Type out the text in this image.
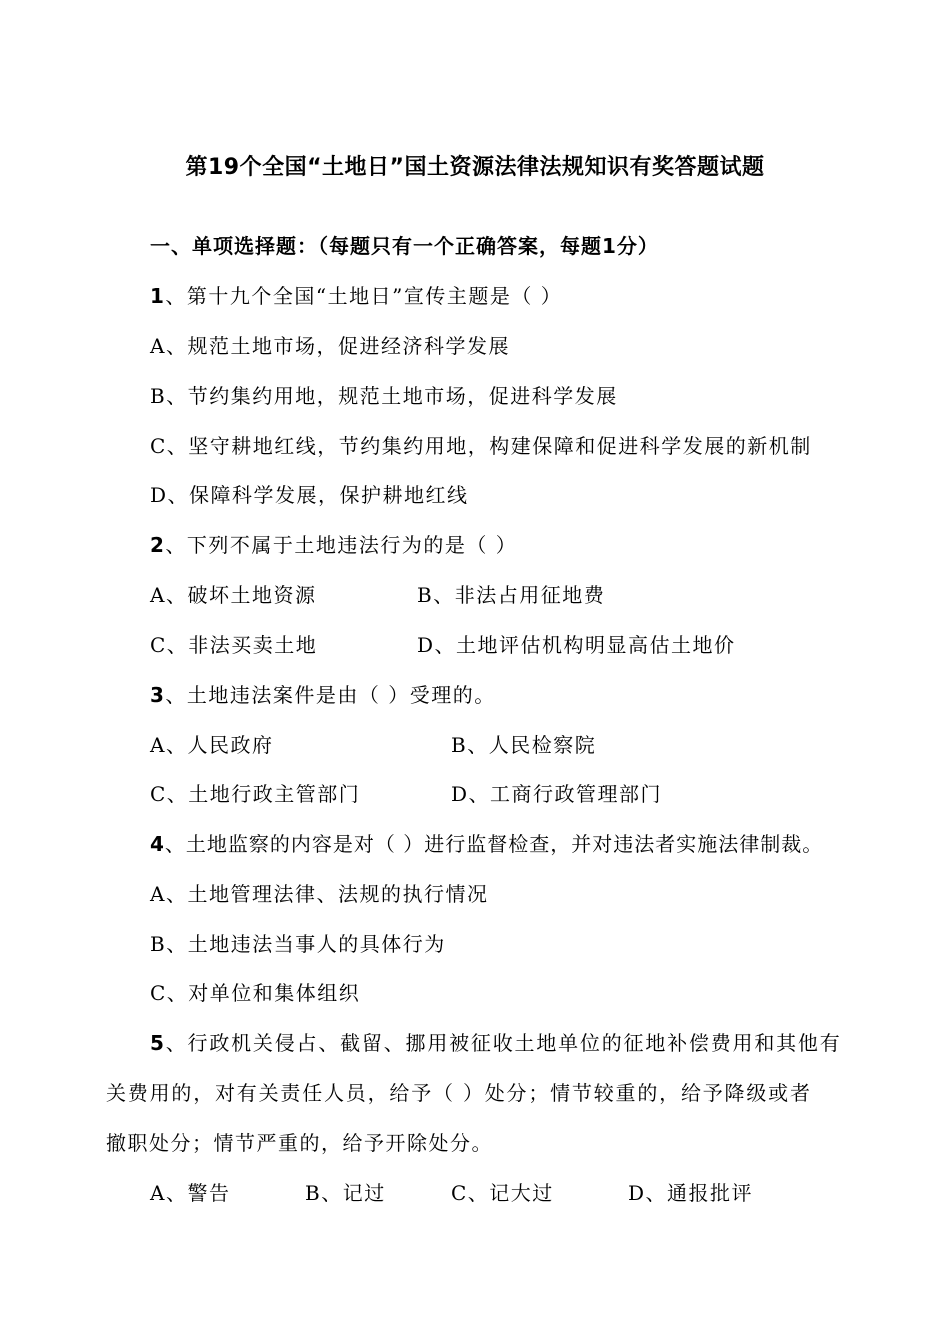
第19个全国“土地日”国土资源法律法规知识有奖答题试题
一、单项选择题：（每题只有一个正确答案，每题1分）
1、第十九个全国“土地日”宣传主题是（ ）
A、规范土地市场，促进经济科学发展
B、节约集约用地，规范土地市场，促进科学发展
C、坚守耕地红线，节约集约用地，构建保障和促进科学发展的新机制
D、保障科学发展，保护耕地红线
2、下列不属于土地违法行为的是（ ）
A、破坏土地资源	B、非法占用征地费
C、非法买卖土地	D、土地评估机构明显高估土地价
3、土地违法案件是由（ ）受理的。
A、人民政府	B、人民检察院
C、土地行政主管部门	D、工商行政管理部门
4、土地监察的内容是对（ ）进行监督检查，并对违法者实施法律制裁。
A、土地管理法律、法规的执行情况
B、土地违法当事人的具体行为
C、对单位和集体组织
5、行政机关侵占、截留、挪用被征收土地单位的征地补偿费用和其他有
关费用的，对有关责任人员，给予（ ）处分；情节较重的，给予降级或者
撤职处分；情节严重的，给予开除处分。
A、警告	B、记过	C、记大过	D、通报批评
